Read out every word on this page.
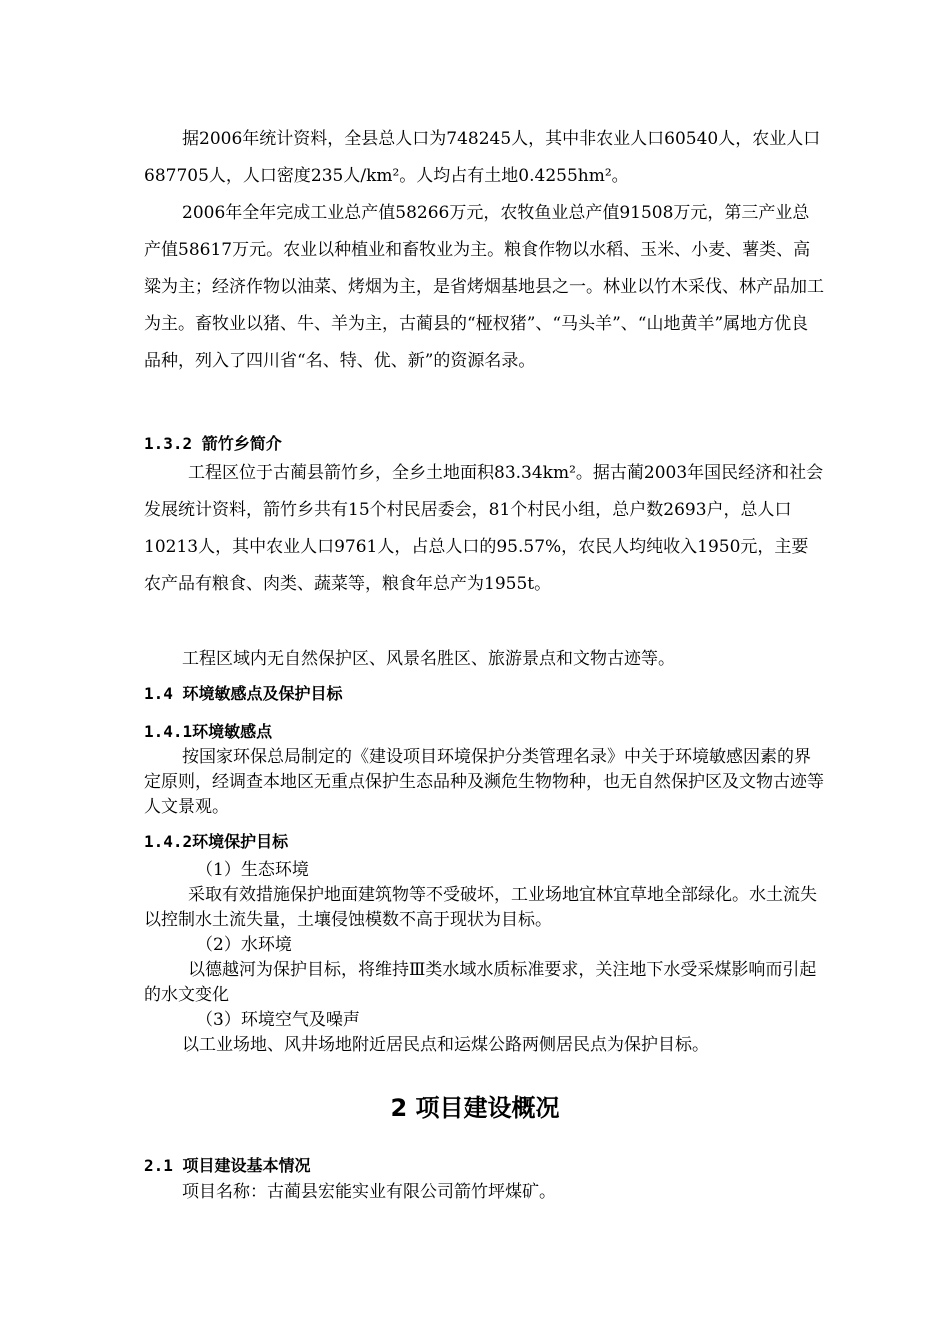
据2006年统计资料，全县总人口为748245人，其中非农业人口60540人，农业人口687705人，人口密度235人/km²。人均占有土地0.4255hm²。

2006年全年完成工业总产值58266万元，农牧鱼业总产值91508万元，第三产业总产值58617万元。农业以种植业和畜牧业为主。粮食作物以水稻、玉米、小麦、薯类、高粱为主；经济作物以油菜、烤烟为主，是省烤烟基地县之一。林业以竹木采伐、林产品加工为主。畜牧业以猪、牛、羊为主，古蔺县的“桠杈猪”、“马头羊”、“山地黄羊”属地方优良品种，列入了四川省“名、特、优、新”的资源名录。

1.3.2 箭竹乡简介

工程区位于古蔺县箭竹乡，全乡土地面积83.34km²。据古蔺2003年国民经济和社会发展统计资料，箭竹乡共有15个村民居委会，81个村民小组，总户数2693户，总人口10213人，其中农业人口9761人，占总人口的95.57%，农民人均纯收入1950元，主要农产品有粮食、肉类、蔬菜等，粮食年总产为1955t。

工程区域内无自然保护区、风景名胜区、旅游景点和文物古迹等。

1.4 环境敏感点及保护目标
1.4.1环境敏感点

按国家环保总局制定的《建设项目环境保护分类管理名录》中关于环境敏感因素的界定原则，经调查本地区无重点保护生态品种及濒危生物物种，也无自然保护区及文物古迹等人文景观。

1.4.2环境保护目标

（1）生态环境

采取有效措施保护地面建筑物等不受破坏，工业场地宜林宜草地全部绿化。水土流失以控制水土流失量，土壤侵蚀模数不高于现状为目标。

（2）水环境

以德越河为保护目标，将维持Ⅲ类水域水质标准要求，关注地下水受采煤影响而引起的水文变化

（3）环境空气及噪声

以工业场地、风井场地附近居民点和运煤公路两侧居民点为保护目标。

2 项目建设概况
2.1 项目建设基本情况

项目名称：古蔺县宏能实业有限公司箭竹坪煤矿。
